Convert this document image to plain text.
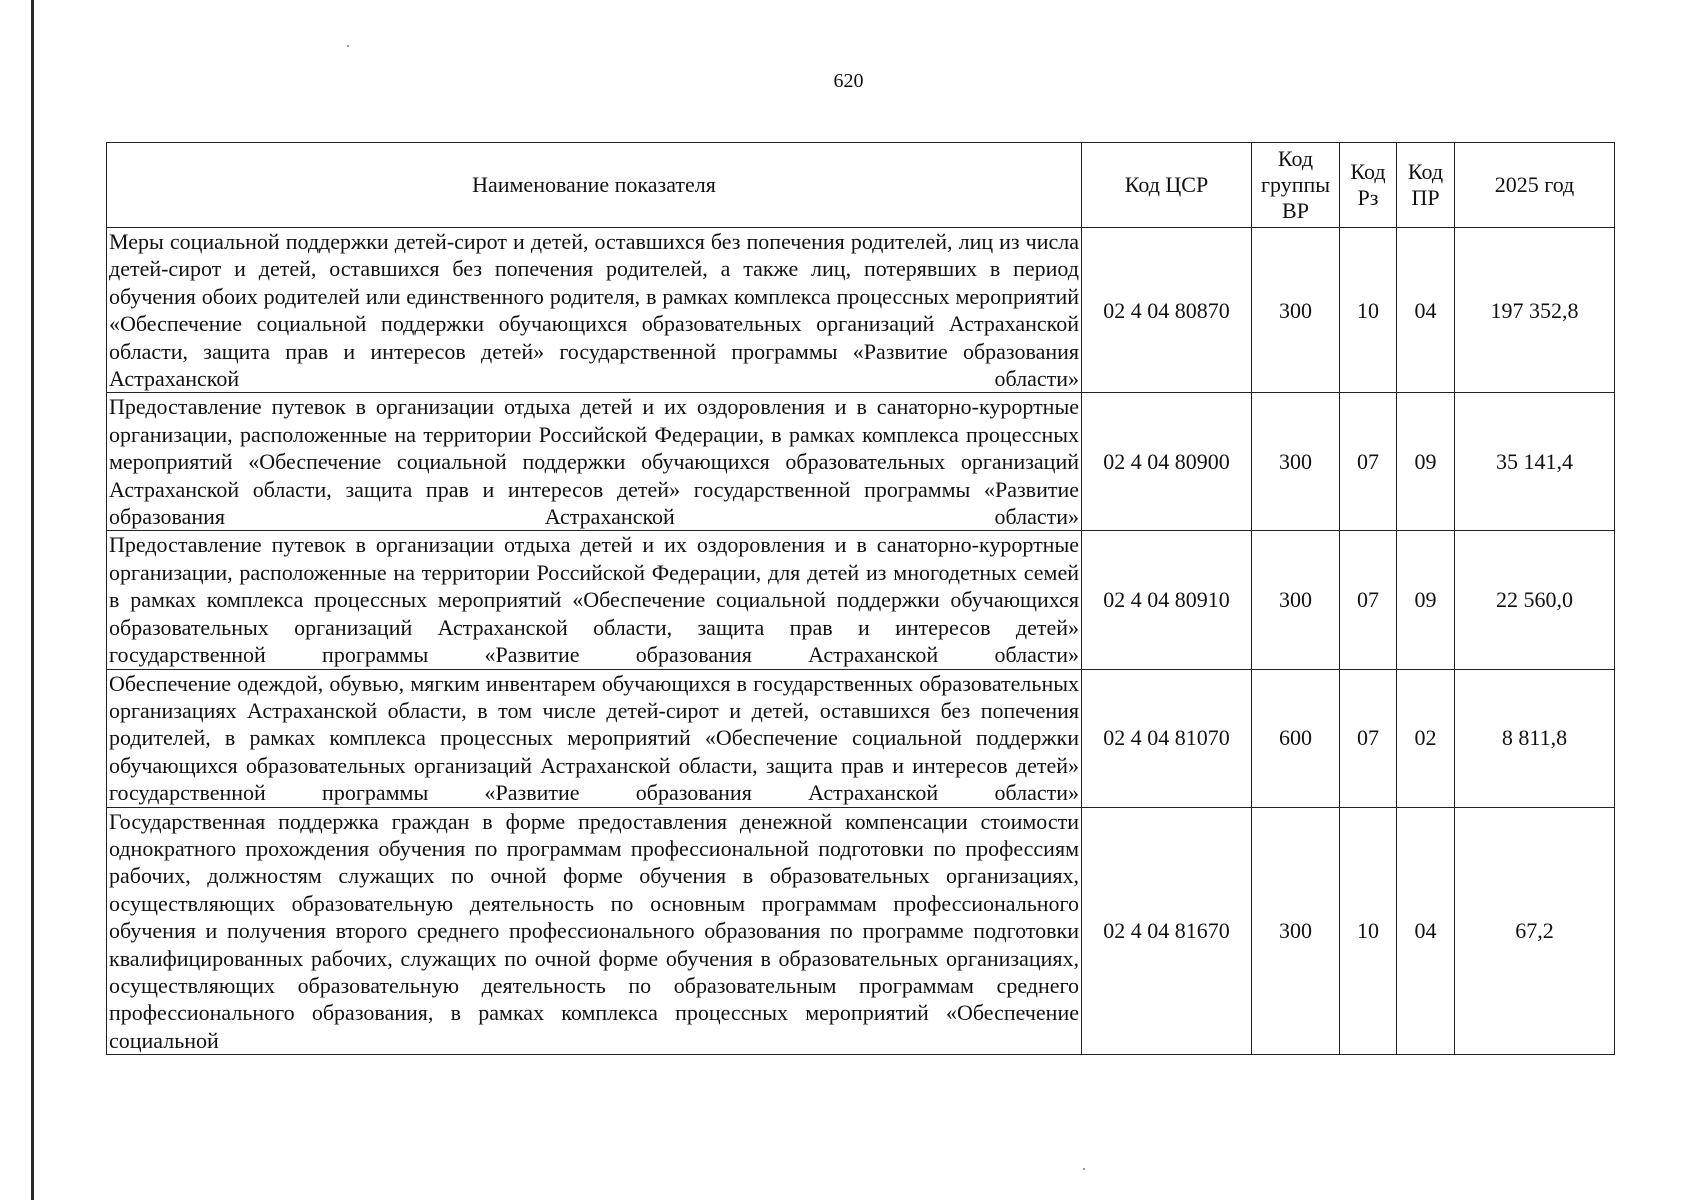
620
Наименование показателя	Код ЦСР	Код группы ВР	Код Рз	Код ПР	2025 год
Меры социальной поддержки детей-сирот и детей, оставшихся без попечения родителей, лиц из числа детей-сирот и детей, оставшихся без попечения родителей, а также лиц, потерявших в период обучения обоих родителей или единственного родителя, в рамках комплекса процессных мероприятий «Обеспечение социальной поддержки обучающихся образовательных организаций Астраханской области, защита прав и интересов детей» государственной программы «Развитие образования Астраханской области»	02 4 04 80870	300	10	04	197 352,8
Предоставление путевок в организации отдыха детей и их оздоровления и в санаторно-курортные организации, расположенные на территории Российской Федерации, в рамках комплекса процессных мероприятий «Обеспечение социальной поддержки обучающихся образовательных организаций Астраханской области, защита прав и интересов детей» государственной программы «Развитие образования Астраханской области»	02 4 04 80900	300	07	09	35 141,4
Предоставление путевок в организации отдыха детей и их оздоровления и в санаторно-курортные организации, расположенные на территории Российской Федерации, для детей из многодетных семей в рамках комплекса процессных мероприятий «Обеспечение социальной поддержки обучающихся образовательных организаций Астраханской области, защита прав и интересов детей» государственной программы «Развитие образования Астраханской области»	02 4 04 80910	300	07	09	22 560,0
Обеспечение одеждой, обувью, мягким инвентарем обучающихся в государственных образовательных организациях Астраханской области, в том числе детей-сирот и детей, оставшихся без попечения родителей, в рамках комплекса процессных мероприятий «Обеспечение социальной поддержки обучающихся образовательных организаций Астраханской области, защита прав и интересов детей» государственной программы «Развитие образования Астраханской области»	02 4 04 81070	600	07	02	8 811,8
Государственная поддержка граждан в форме предоставления денежной компенсации стоимости однократного прохождения обучения по программам профессиональной подготовки по профессиям рабочих, должностям служащих по очной форме обучения в образовательных организациях, осуществляющих образовательную деятельность по основным программам профессионального обучения и получения второго среднего профессионального образования по программе подготовки квалифицированных рабочих, служащих по очной форме обучения в образовательных организациях, осуществляющих образовательную деятельность по образовательным программам среднего профессионального образования, в рамках комплекса процессных мероприятий «Обеспечение социальной	02 4 04 81670	300	10	04	67,2
